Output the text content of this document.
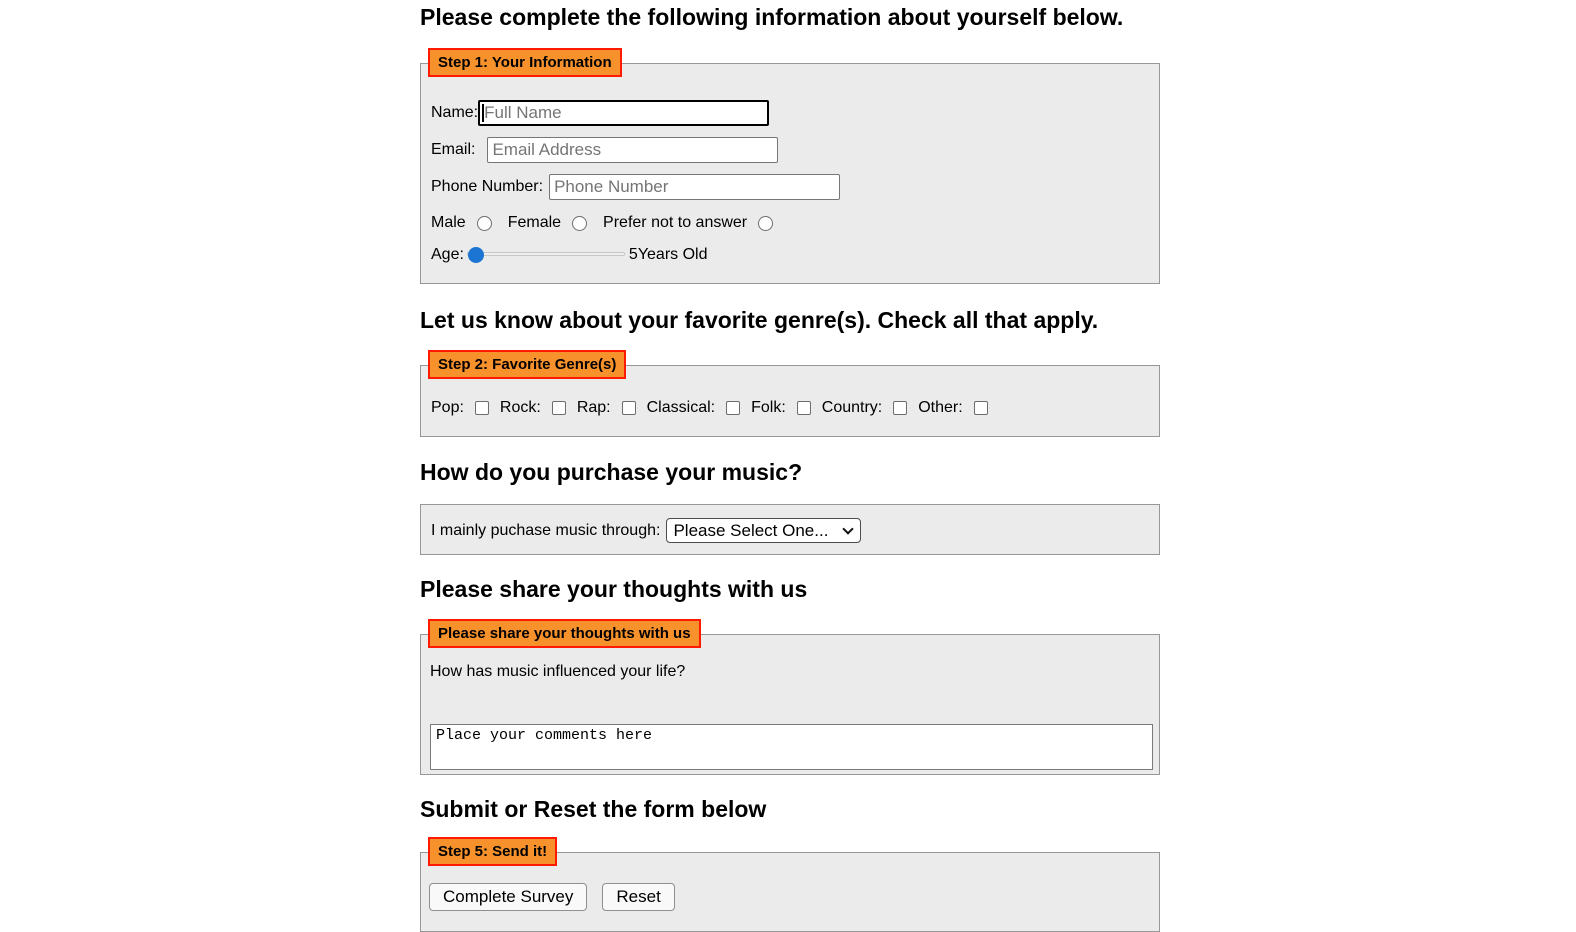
Please complete the following information about yourself below.
Step 1: Your Information
Name:
Full Name
Email:
Email Address
Phone Number:
Phone Number
Male	Female	Prefer not to answer
Age:	5Years Old
Let us know about your favorite genre(s). Check all that apply.
Step 2: Favorite Genre(s)
Pop: Rock: Rap: Classical: Folk: Country: Other:
How do you purchase your music?
I mainly puchase music through:
Please Select One...
Please share your thoughts with us
Please share your thoughts with us

How has music influenced your life?

Place your comments here
Submit or Reset the form below
Step 5: Send it!
Complete Survey	Reset
